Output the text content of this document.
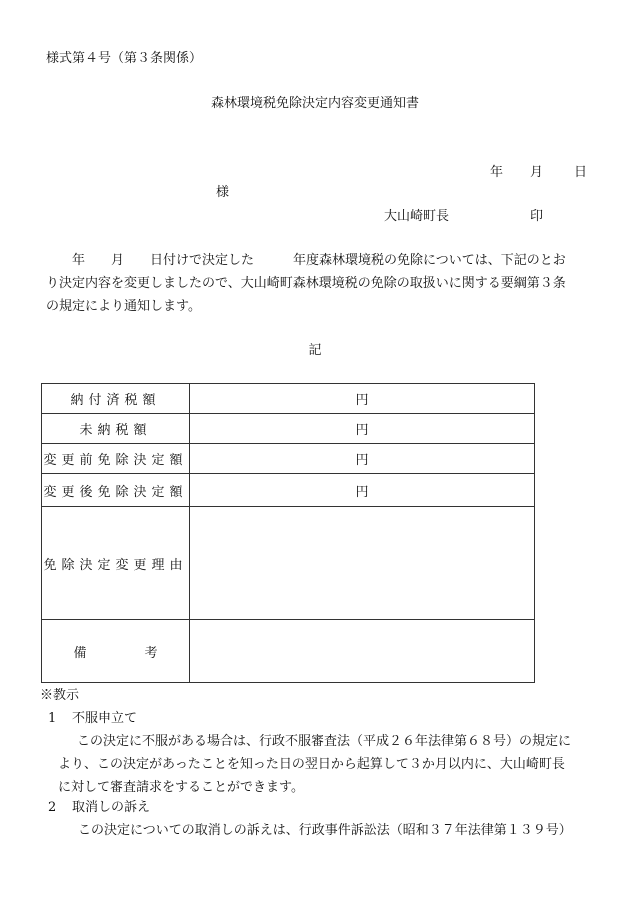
様式第４号（第３条関係）
森林環境税免除決定内容変更通知書
年 月 日
様
大山崎町長	印

　　年　　月　　日付けで決定した　　　年度森林環境税の免除については、下記のとお

り決定内容を変更しましたので、大山崎町森林環境税の免除の取扱いに関する要綱第３条

の規定により通知します。

記
納付済税額	円
未納税額	円
変更前免除決定額	円
変更後免除決定額	円
免除決定変更理由	
備 考	
※教示
1 不服申立て

この決定に不服がある場合は、行政不服審査法（平成２６年法律第６８号）の規定に

より、この決定があったことを知った日の翌日から起算して３か月以内に、大山崎町長

に対して審査請求をすることができます。

2 取消しの訴え

この決定についての取消しの訴えは、行政事件訴訟法（昭和３７年法律第１３９号）
